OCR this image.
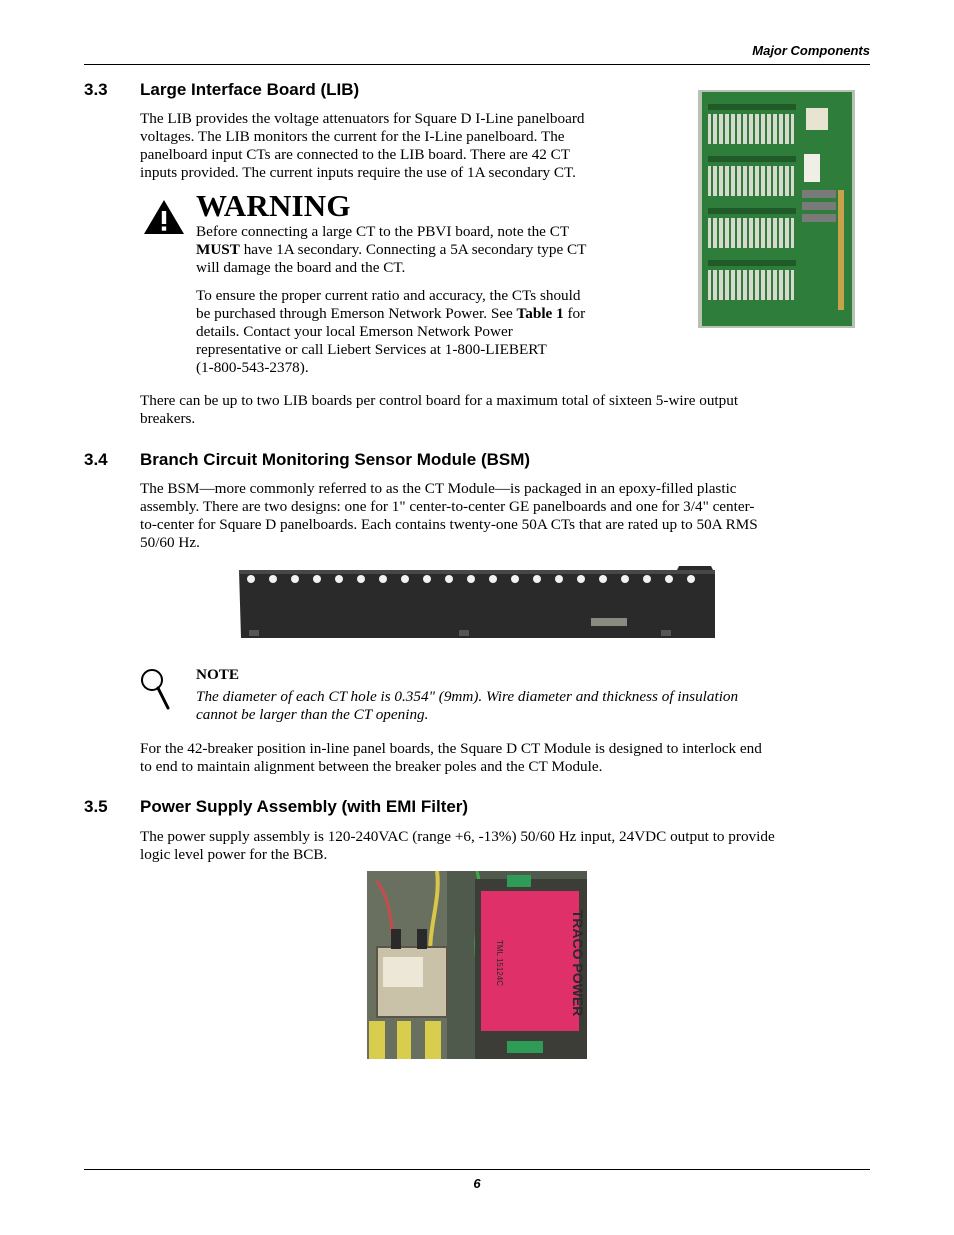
Major Components
3.3 Large Interface Board (LIB)
The LIB provides the voltage attenuators for Square D I-Line panelboard
voltages. The LIB monitors the current for the I-Line panelboard. The
panelboard input CTs are connected to the LIB board. There are 42 CT
inputs provided. The current inputs require the use of 1A secondary CT.
WARNING
Before connecting a large CT to the PBVI board, note the CT
MUST have 1A secondary. Connecting a 5A secondary type CT
will damage the board and the CT.
To ensure the proper current ratio and accuracy, the CTs should
be purchased through Emerson Network Power. See Table 1 for
details. Contact your local Emerson Network Power
representative or call Liebert Services at 1-800-LIEBERT
(1-800-543-2378).
There can be up to two LIB boards per control board for a maximum total of sixteen 5-wire output
breakers.
3.4 Branch Circuit Monitoring Sensor Module (BSM)
The BSM—more commonly referred to as the CT Module—is packaged in an epoxy-filled plastic
assembly. There are two designs: one for 1" center-to-center GE panelboards and one for 3/4" center-
to-center for Square D panelboards. Each contains twenty-one 50A CTs that are rated up to 50A RMS
50/60 Hz.
NOTE
The diameter of each CT hole is 0.354" (9mm). Wire diameter and thickness of insulation
cannot be larger than the CT opening.
For the 42-breaker position in-line panel boards, the Square D CT Module is designed to interlock end
to end to maintain alignment between the breaker poles and the CT Module.
3.5 Power Supply Assembly (with EMI Filter)
The power supply assembly is 120-240VAC (range +6, -13%) 50/60 Hz input, 24VDC output to provide
logic level power for the BCB.
TRACO POWER
TML 15124C
6
